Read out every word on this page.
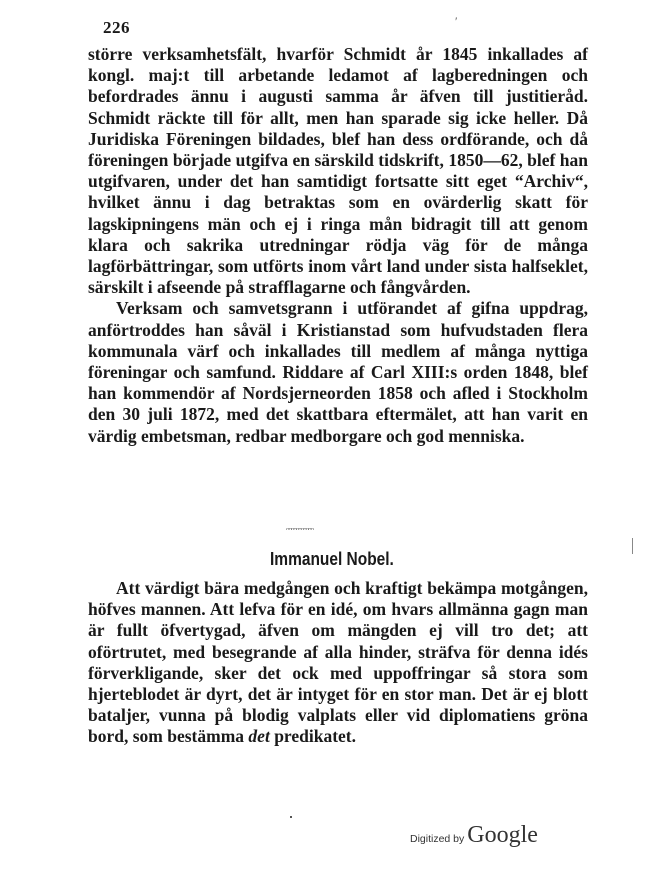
226	′

större verksamhetsfält, hvarför Schmidt år 1845 inkallades af kongl. maj:t till arbetande ledamot af lagberedningen och befordrades ännu i augusti samma år äfven till justitieråd. Schmidt räckte till för allt, men han sparade sig icke heller. Då Juridiska Föreningen bildades, blef han dess ordförande, och då föreningen började utgifva en särskild tidskrift, 1850—62, blef han utgifvaren, under det han samtidigt fortsatte sitt eget “Archiv“, hvilket ännu i dag betraktas som en ovärderlig skatt för lagskipningens män och ej i ringa mån bidragit till att genom klara och sakrika utredningar rödja väg för de många lagförbättringar, som utförts inom vårt land under sista halfseklet, särskilt i afseende på strafflagarne och fångvården.

Verksam och samvetsgrann i utförandet af gifna uppdrag, anförtroddes han såväl i Kristianstad som hufvudstaden flera kommunala värf och inkallades till medlem af många nyttiga föreningar och samfund. Riddare af Carl XIII:s orden 1848, blef han kommendör af Nordsjerneorden 1858 och afled i Stockholm den 30 juli 1872, med det skattbara eftermälet, att han varit en värdig embetsman, redbar medborgare och god menniska.

ᵔᵔᵔᵔᵔᵔᵔᵔᵔᵔᵔ
Immanuel Nobel.

Att värdigt bära medgången och kraftigt bekämpa motgången, höfves mannen. Att lefva för en idé, om hvars allmänna gagn man är fullt öfvertygad, äfven om mängden ej vill tro det; att oförtrutet, med besegrande af alla hinder, sträfva för denna idés förverkligande, sker det ock med uppoffringar så stora som hjerteblodet är dyrt, det är intyget för en stor man. Det är ej blott bataljer, vunna på blodig valplats eller vid diplomatiens gröna bord, som bestämma det predikatet.

Digitized by Google
